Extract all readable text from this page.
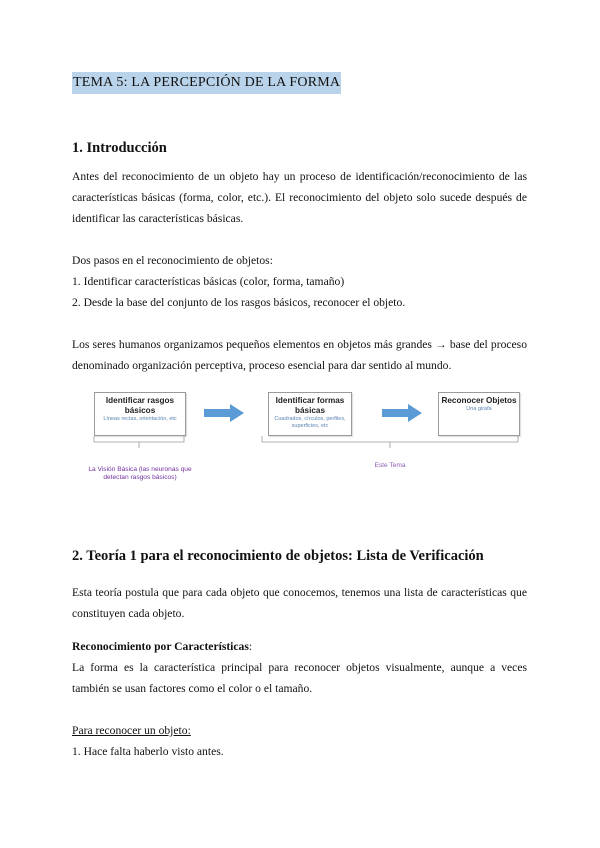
TEMA 5: LA PERCEPCIÓN DE LA FORMA
1. Introducción

Antes del reconocimiento de un objeto hay un proceso de identificación/reconocimiento de las características básicas (forma, color, etc.). El reconocimiento del objeto solo sucede después de identificar las características básicas.

Dos pasos en el reconocimiento de objetos:

1. Identificar características básicas (color, forma, tamaño)

2. Desde la base del conjunto de los rasgos básicos, reconocer el objeto.

Los seres humanos organizamos pequeños elementos en objetos más grandes → base del proceso denominado organización perceptiva, proceso esencial para dar sentido al mundo.

Identificar rasgos básicos
Líneas rectas, orientación, etc
Identificar formas básicas
Cuadrados, círculos, perfiles, superficies, etc
Reconocer Objetos
Una girafa
La Visión Básica (las neuronas que detectan rasgos básicos)
Este Tema
2. Teoría 1 para el reconocimiento de objetos: Lista de Verificación

Esta teoría postula que para cada objeto que conocemos, tenemos una lista de características que constituyen cada objeto.

Reconocimiento por Características:

La forma es la característica principal para reconocer objetos visualmente, aunque a veces también se usan factores como el color o el tamaño.

Para reconocer un objeto:

1. Hace falta haberlo visto antes.
